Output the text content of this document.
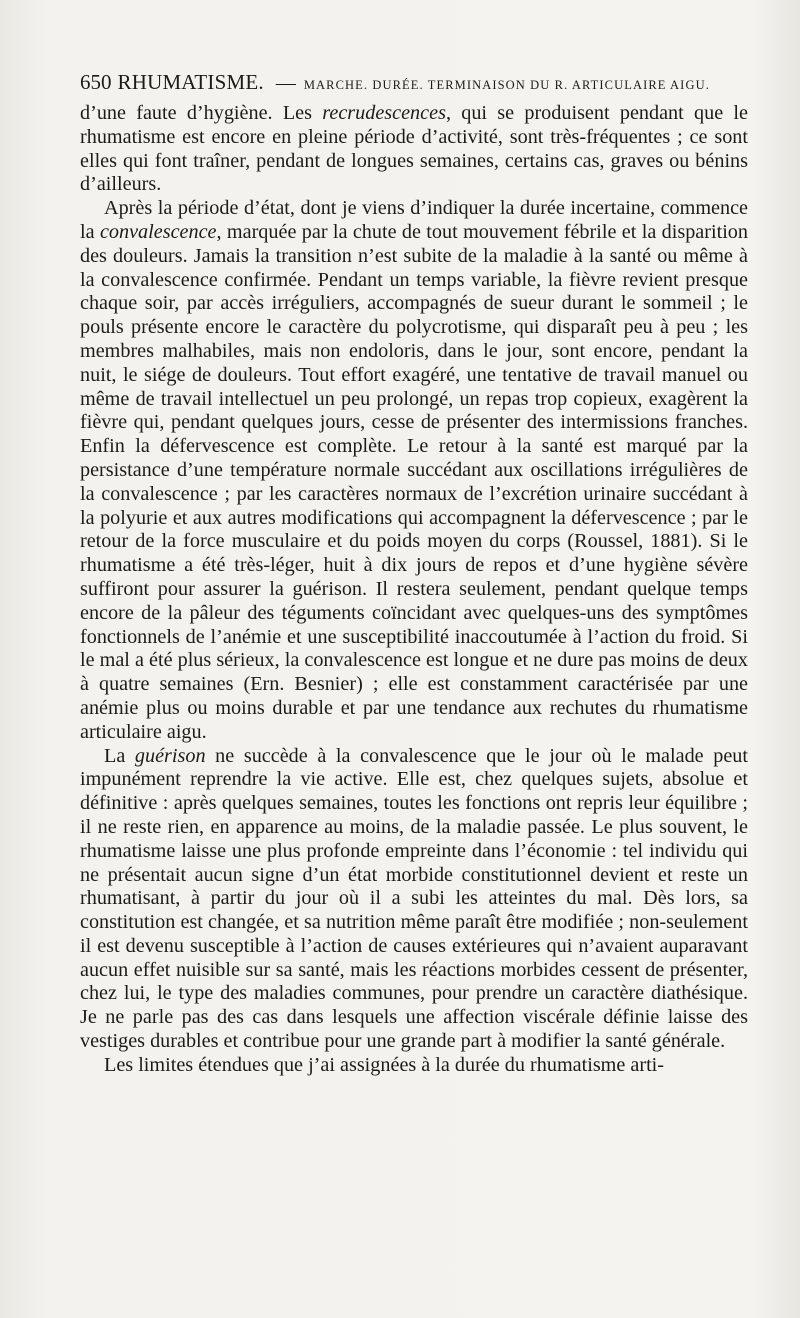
650 RHUMATISME. — MARCHE. DURÉE. TERMINAISON DU R. ARTICULAIRE AIGU.

d’une faute d’hygiène. Les recrudescences, qui se produisent pendant que le rhumatisme est encore en pleine période d’activité, sont très-fréquentes ; ce sont elles qui font traîner, pendant de longues semaines, certains cas, graves ou bénins d’ailleurs.

Après la période d’état, dont je viens d’indiquer la durée incertaine, commence la convalescence, marquée par la chute de tout mouvement fébrile et la disparition des douleurs. Jamais la transition n’est subite de la maladie à la santé ou même à la convalescence confirmée. Pendant un temps variable, la fièvre revient presque chaque soir, par accès irréguliers, accompagnés de sueur durant le sommeil ; le pouls présente encore le caractère du polycrotisme, qui disparaît peu à peu ; les membres malhabiles, mais non endoloris, dans le jour, sont encore, pendant la nuit, le siége de douleurs. Tout effort exagéré, une tentative de travail manuel ou même de travail intellectuel un peu prolongé, un repas trop copieux, exagèrent la fièvre qui, pendant quelques jours, cesse de présenter des intermissions franches. Enfin la défervescence est complète. Le retour à la santé est marqué par la persistance d’une température normale succédant aux oscillations irrégulières de la convalescence ; par les caractères normaux de l’excrétion urinaire succédant à la polyurie et aux autres modifications qui accompagnent la défervescence ; par le retour de la force musculaire et du poids moyen du corps (Roussel, 1881). Si le rhumatisme a été très-léger, huit à dix jours de repos et d’une hygiène sévère suffiront pour assurer la guérison. Il restera seulement, pendant quelque temps encore de la pâleur des téguments coïncidant avec quelques-uns des symptômes fonctionnels de l’anémie et une susceptibilité inaccoutumée à l’action du froid. Si le mal a été plus sérieux, la convalescence est longue et ne dure pas moins de deux à quatre semaines (Ern. Besnier) ; elle est constamment caractérisée par une anémie plus ou moins durable et par une tendance aux rechutes du rhumatisme articulaire aigu.

La guérison ne succède à la convalescence que le jour où le malade peut impunément reprendre la vie active. Elle est, chez quelques sujets, absolue et définitive : après quelques semaines, toutes les fonctions ont repris leur équilibre ; il ne reste rien, en apparence au moins, de la maladie passée. Le plus souvent, le rhumatisme laisse une plus profonde empreinte dans l’économie : tel individu qui ne présentait aucun signe d’un état morbide constitutionnel devient et reste un rhumatisant, à partir du jour où il a subi les atteintes du mal. Dès lors, sa constitution est changée, et sa nutrition même paraît être modifiée ; non-seulement il est devenu susceptible à l’action de causes extérieures qui n’avaient auparavant aucun effet nuisible sur sa santé, mais les réactions morbides cessent de présenter, chez lui, le type des maladies communes, pour prendre un caractère diathésique. Je ne parle pas des cas dans lesquels une affection viscérale définie laisse des vestiges durables et contribue pour une grande part à modifier la santé générale.

Les limites étendues que j’ai assignées à la durée du rhumatisme arti-
